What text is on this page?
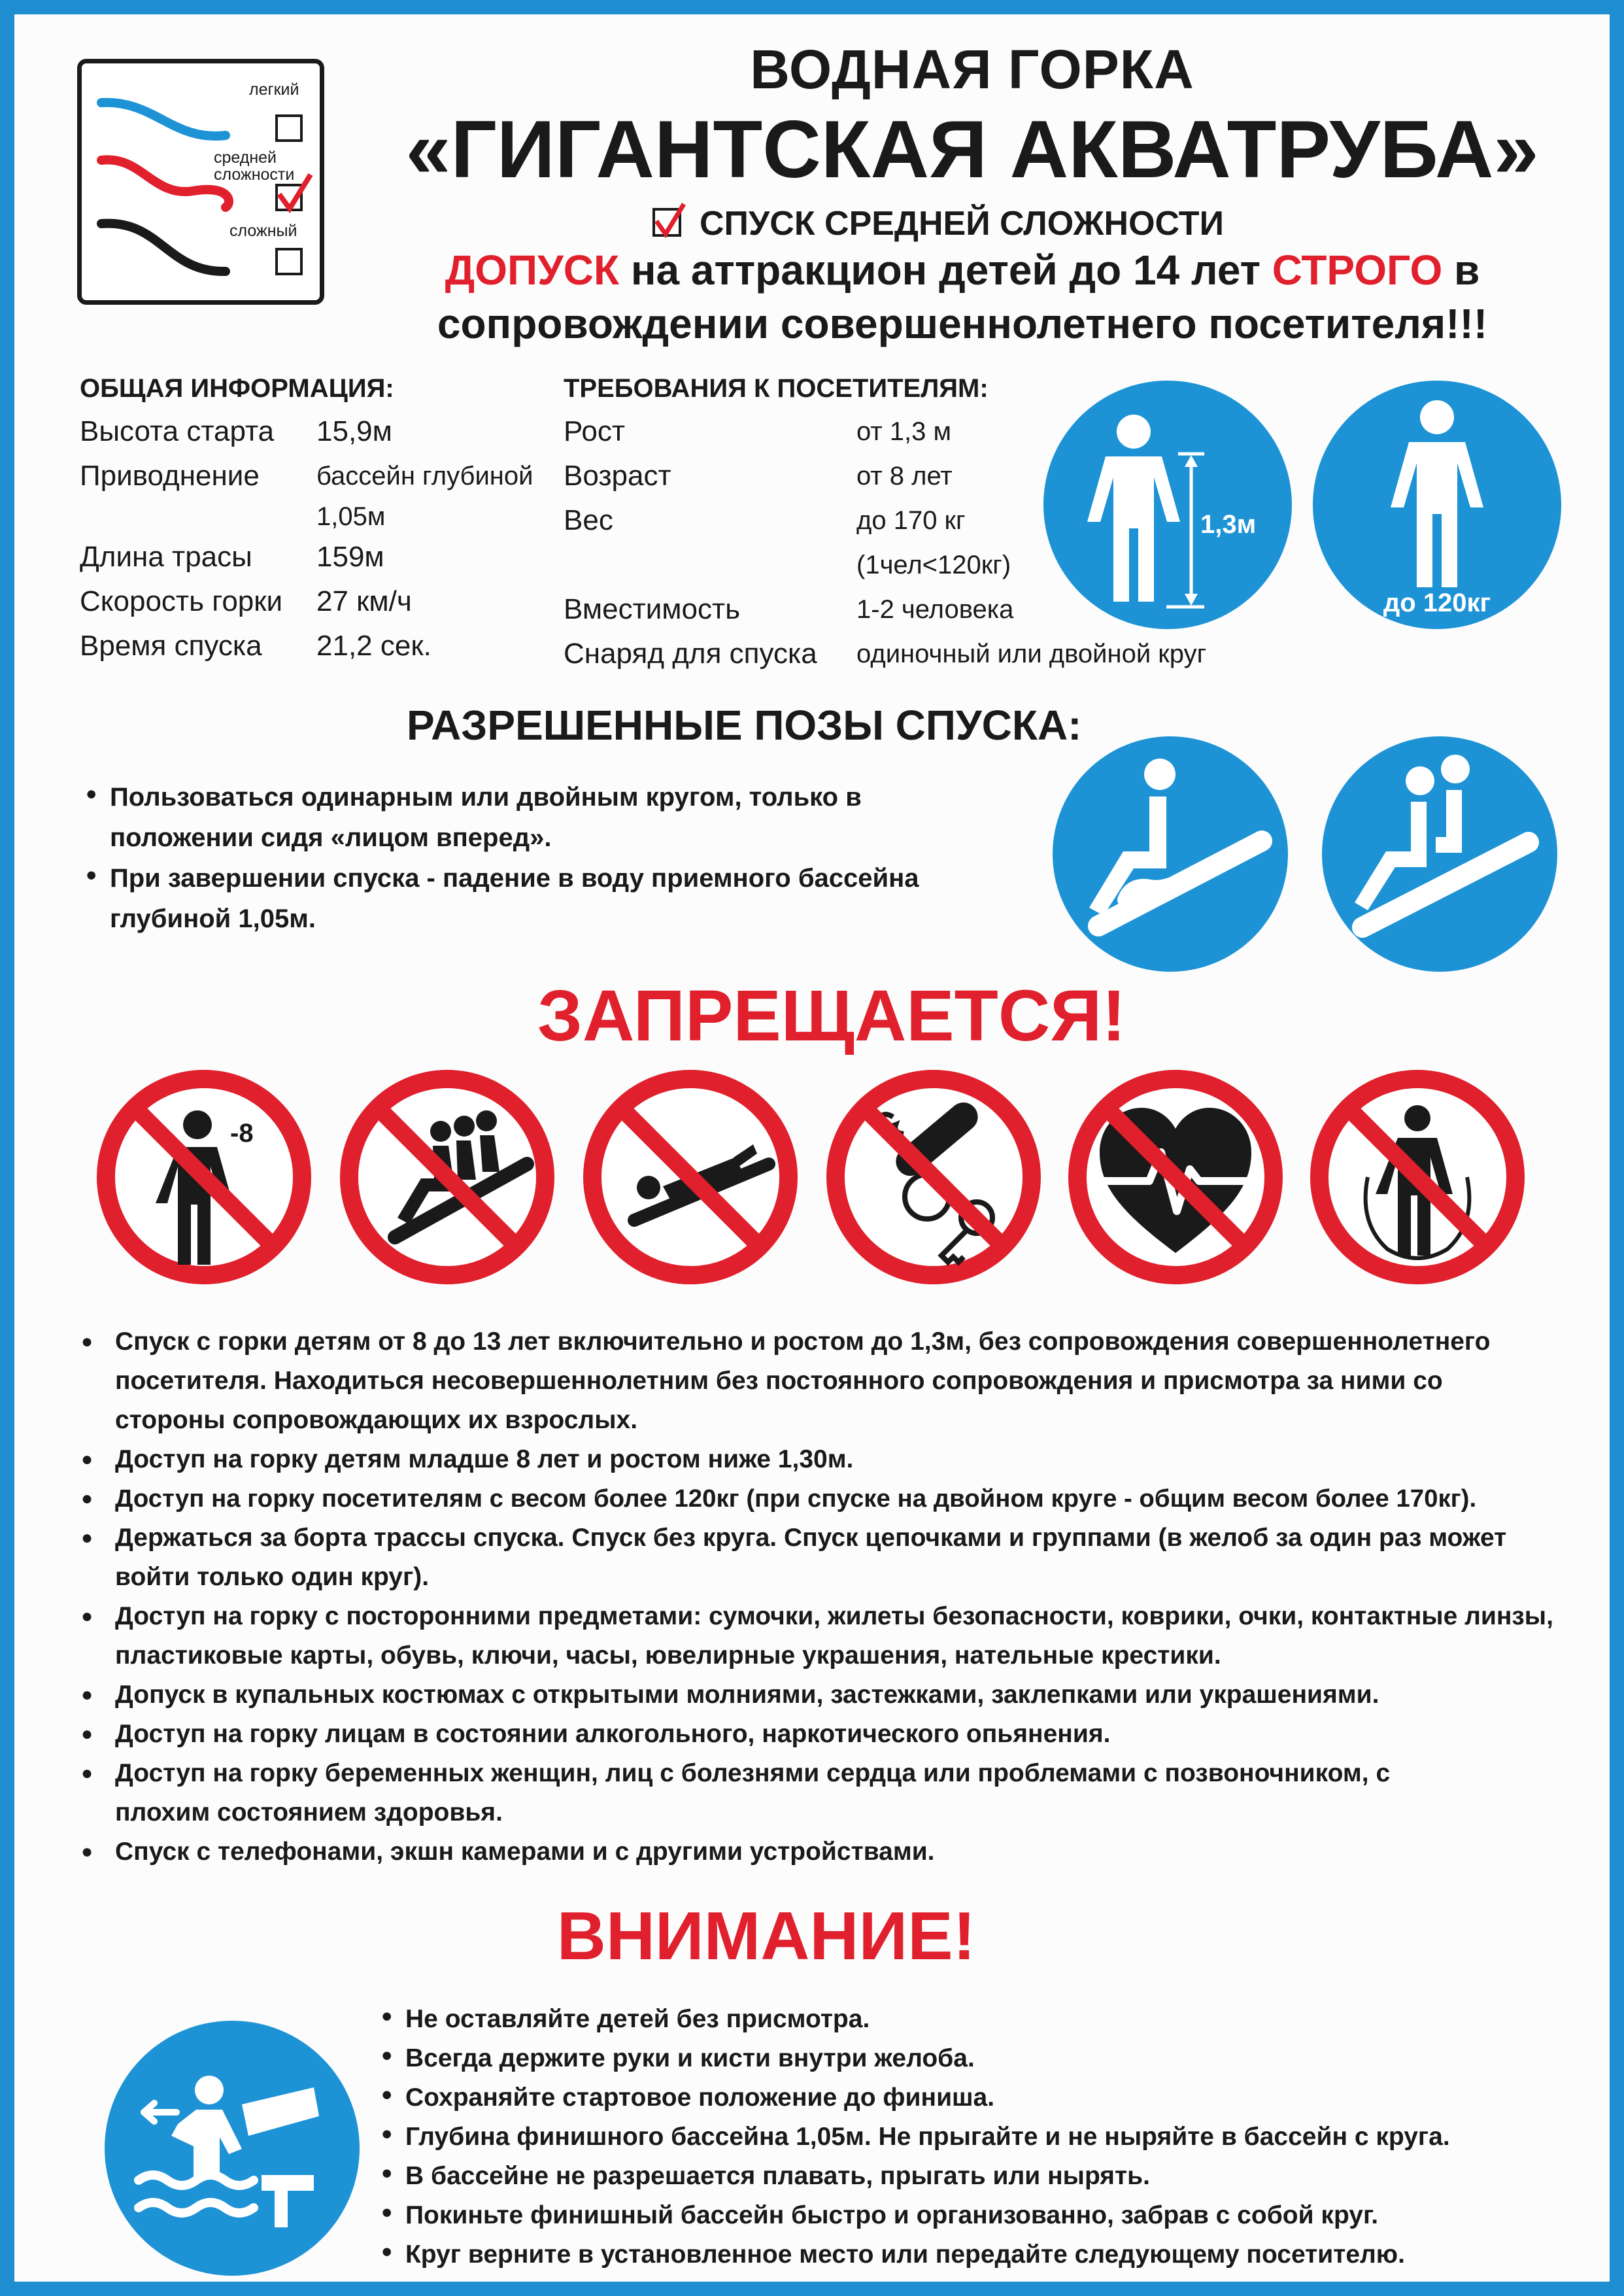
легкий
средней
сложности
сложный
ВОДНАЯ ГОРКА
«ГИГАНТСКАЯ АКВАТРУБА»
СПУСК СРЕДНЕЙ СЛОЖНОСТИ
ДОПУСК на аттракцион детей до 14 лет СТРОГО в
сопровождении совершеннолетнего посетителя!!!
ОБЩАЯ ИНФОРМАЦИЯ:
Высота старта	15,9м
Приводнение	бассейн глубиной
1,05м
Длина трасы	159м
Скорость горки	27 км/ч
Время спуска	21,2 сек.
ТРЕБОВАНИЯ К ПОСЕТИТЕЛЯМ:
Рост	от 1,3 м
Возраст	от 8 лет
Вес	до 170 кг
(1чел<120кг)
Вместимость	1-2 человека
Снаряд для спуска	одиночный или двойной круг
1,3м
до 120кг
РАЗРЕШЕННЫЕ ПОЗЫ СПУСКА:
• Пользоваться одинарным или двойным кругом, только в положении сидя «лицом вперед».
• При завершении спуска - падение в воду приемного бассейна глубиной 1,05м.
ЗАПРЕЩАЕТСЯ!
-8
● Спуск с горки детям от 8 до 13 лет включительно и ростом до 1,3м, без сопровождения совершеннолетнего посетителя. Находиться несовершеннолетним без постоянного сопровождения и присмотра за ними со стороны сопровождающих их взрослых.
● Доступ на горку детям младше 8 лет и ростом ниже 1,30м.
● Доступ на горку посетителям с весом более 120кг (при спуске на двойном круге - общим весом более 170кг).
● Держаться за борта трассы спуска. Спуск без круга. Спуск цепочками и группами (в желоб за один раз может войти только один круг).
● Доступ на горку с посторонними предметами: сумочки, жилеты безопасности, коврики, очки, контактные линзы, пластиковые карты, обувь, ключи, часы, ювелирные украшения, нательные крестики.
● Допуск в купальных костюмах с открытыми молниями, застежками, заклепками или украшениями.
● Доступ на горку лицам в состоянии алкогольного, наркотического опьянения.
● Доступ на горку беременных женщин, лиц с болезнями сердца или проблемами с позвоночником, с плохим состоянием здоровья.
● Спуск с телефонами, экшн камерами и с другими устройствами.
ВНИМАНИЕ!
• Не оставляйте детей без присмотра.
• Всегда держите руки и кисти внутри желоба.
• Сохраняйте стартовое положение до финиша.
• Глубина финишного бассейна 1,05м. Не прыгайте и не ныряйте в бассейн с круга.
• В бассейне не разрешается плавать, прыгать или нырять.
• Покиньте финишный бассейн быстро и организованно, забрав с собой круг.
• Круг верните в установленное место или передайте следующему посетителю.
